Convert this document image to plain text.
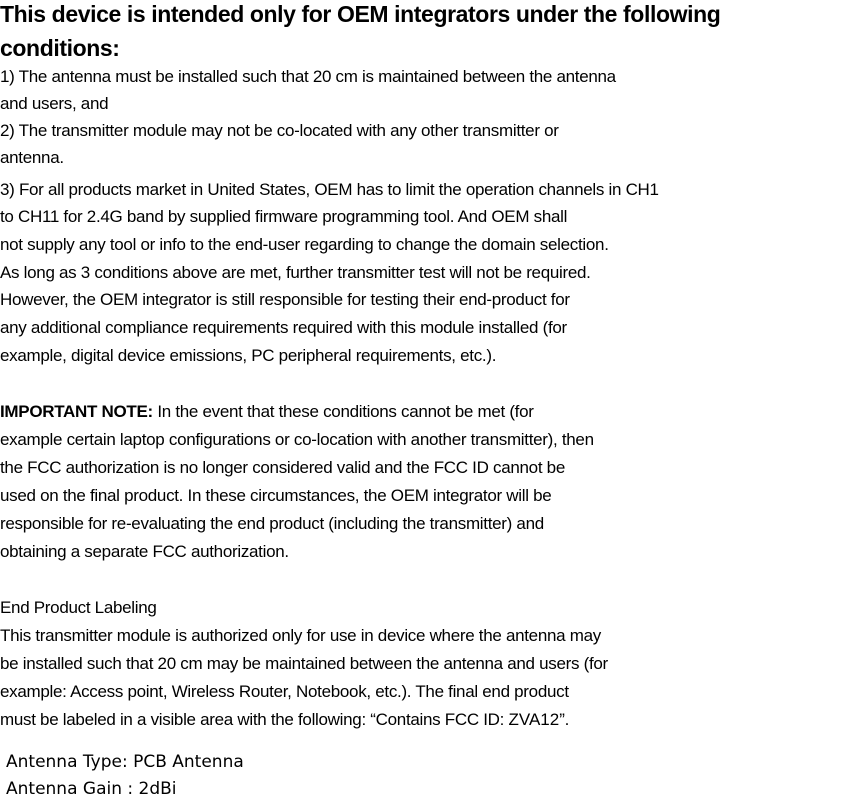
This device is intended only for OEM integrators under the following
conditions:
1) The antenna must be installed such that 20 cm is maintained between the antenna
and users, and
2) The transmitter module may not be co-located with any other transmitter or
antenna.
3) For all products market in United States, OEM has to limit the operation channels in CH1
to CH11 for 2.4G band by supplied firmware programming tool. And OEM shall
not supply any tool or info to the end-user regarding to change the domain selection.
As long as 3 conditions above are met, further transmitter test will not be required.
However, the OEM integrator is still responsible for testing their end-product for
any additional compliance requirements required with this module installed (for
example, digital device emissions, PC peripheral requirements, etc.).
IMPORTANT NOTE: In the event that these conditions cannot be met (for
example certain laptop configurations or co-location with another transmitter), then
the FCC authorization is no longer considered valid and the FCC ID cannot be
used on the final product. In these circumstances, the OEM integrator will be
responsible for re-evaluating the end product (including the transmitter) and
obtaining a separate FCC authorization.
End Product Labeling
This transmitter module is authorized only for use in device where the antenna may
be installed such that 20 cm may be maintained between the antenna and users (for
example: Access point, Wireless Router, Notebook, etc.). The final end product
must be labeled in a visible area with the following: “Contains FCC ID: ZVA12”.
Antenna Type: PCB Antenna
Antenna Gain : 2dBi
